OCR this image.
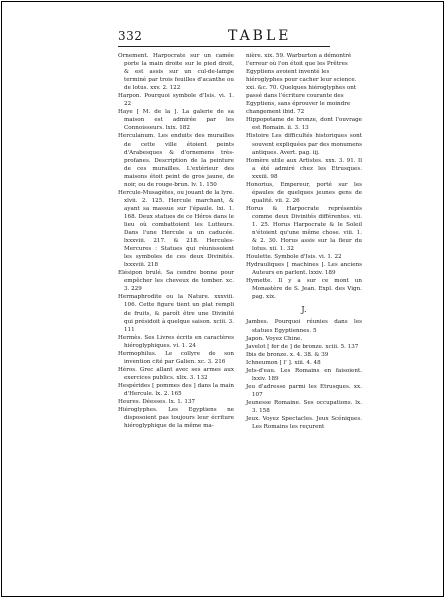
332	TABLE

Ornement. Harpocrate sur un camée porte la main droite sur le pied droit, & est assis sur un cul-de-lampe terminé par trois feuilles d'acanthe ou de lotus. xxv. 2. 122

Harpon. Pourquoi symbole d'Isis. vi. 1. 22

Haye [ M. de la ]. La galerie de sa maison est admirée par les Connoisseurs. lxix. 182

Herculanum. Les enduits des murailles de cette ville étoient peints d'Arabesques & d'ornemens très-profanes. Description de la peinture de ces murailles. L'extérieur des maisons étoit peint de gros jaune, de noir, ou de rouge-brun. lv. 1. 150

Hercule-Musagètes, ou jouant de la lyre. xlvii. 2. 125. Hercule marchant, & ayant sa massue sur l'épaule. lxi. 1. 168. Deux statues de ce Héros dans le lieu où combattoient les Lutteurs. Dans l'une Hercule a un caducée. lxxxviii. 217. & 218. Hercules-Mercures : Statues qui réunissoient les symboles de ces deux Divinités. lxxxviii. 218

Elésipon brulé. Sa cendre bonne pour empêcher les cheveux de tomber. xc. 3. 229

Hermaphrodite ou la Nature. xxxviii. 106. Cette figure tient un plat rempli de fruits, & paroît être une Divinité qui présidoit à quelque saison. xciii. 3. 111

Hermès. Ses Livres écrits en caractères hiéroglyphiques. vi. 1. 24

Hermophilus. Le collyre de son invention cité par Galien. xc. 3. 216

Héros. Grec allant avec ses armes aux exercices publics. xlix. 3. 132

Hespérides [ pommes des ] dans la main d'Hercule. lx. 2. 165

Heures. Déesses. lx. 1. 137

Hiéroglyphes. Les Egyptiens ne disposoient pas toujours leur écriture hiéroglyphique de la même ma-

nière. xix. 59. Warburton a démontré l'erreur où l'on étoit que les Prêtres Egyptiens avoient inventé les hiéroglyphes pour cacher leur science. xxi. &c. 70. Quelques hiéroglyphes ont passé dans l'écriture courante des Egyptiens, sans éprouver le moindre changement ibid. 72

Hippopotame de bronze, dont l'ouvrage est Romain. ii. 3. 13

Histoire Les difficultés historiques sont souvent expliquées par des monumens antiques. Avert. pag. iij.

Homère utile aux Artistes. xxx. 3. 91. Il a été admiré chez les Etrusques. xxxiii. 98

Honorius, Empereur, porté sur les épaules de quelques jeunes gens de qualité. vii. 2. 26

Horus & Harpocrate représentés comme deux Divinités différentes. vii. 1. 25. Horus Harpocrate & le Soleil n'étoient qu'une même chose. viii. 1. & 2. 30. Horus assis sur la fleur du lotus. xii. 1. 32

Houlette. Symbole d'Isis. vi. 1. 22

Hydrauliques [ machines ]. Les anciens Auteurs en parlent. lxxiv. 189

Hymette. Il y a sur ce mont un Monastère de S. Jean. Expl. des Vign. pag. xix.

J.

Jambes. Pourquoi réunies dans les statues Egyptiennes. 5

Japon. Voyez Chine.

Javelot [ fer de ] de bronze. xciii. 5. 137

Ibis de bronze. x. 4. 38. & 39

Ichneumon [ l' ]. xiii. 4. 48

Jets-d'eau. Les Romains en faisoient. lxxiv. 189

Jeu d'adresse parmi les Etrusques. xx. 107

Jeunesse Romaine. Ses occupations. lx. 3. 158

Jeux. Voyez Spectacles. Jeux Scéniques. Les Romains les reçurent
